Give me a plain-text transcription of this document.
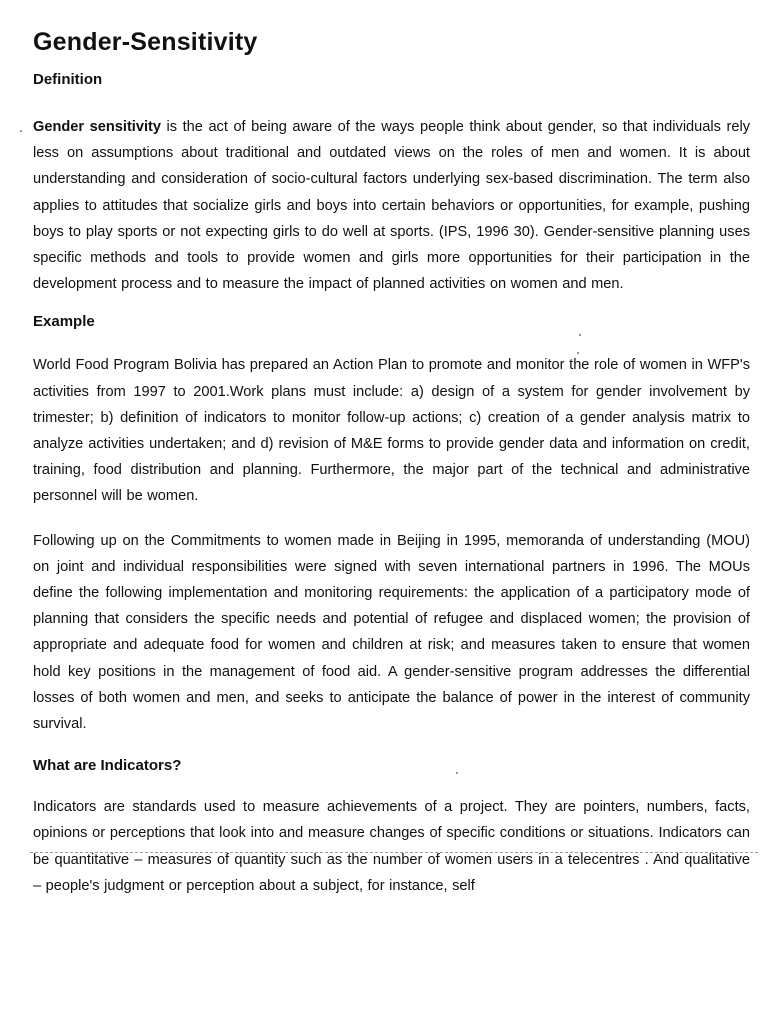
Gender-Sensitivity
Definition

Gender sensitivity is the act of being aware of the ways people think about gender, so that individuals rely less on assumptions about traditional and outdated views on the roles of men and women. It is about understanding and consideration of socio-cultural factors underlying sex-based discrimination. The term also applies to attitudes that socialize girls and boys into certain behaviors or opportunities, for example, pushing boys to play sports or not expecting girls to do well at sports. (IPS, 1996 30). Gender-sensitive planning uses specific methods and tools to provide women and girls more opportunities for their participation in the development process and to measure the impact of planned activities on women and men.

Example

World Food Program Bolivia has prepared an Action Plan to promote and monitor the role of women in WFP's activities from 1997 to 2001.Work plans must include: a) design of a system for gender involvement by trimester; b) definition of indicators to monitor follow-up actions; c) creation of a gender analysis matrix to analyze activities undertaken; and d) revision of M&E forms to provide gender data and information on credit, training, food distribution and planning. Furthermore, the major part of the technical and administrative personnel will be women.

Following up on the Commitments to women made in Beijing in 1995, memoranda of understanding (MOU) on joint and individual responsibilities were signed with seven international partners in 1996. The MOUs define the following implementation and monitoring requirements: the application of a participatory mode of planning that considers the specific needs and potential of refugee and displaced women; the provision of appropriate and adequate food for women and children at risk; and measures taken to ensure that women hold key positions in the management of food aid. A gender-sensitive program addresses the differential losses of both women and men, and seeks to anticipate the balance of power in the interest of community survival.

What are Indicators?

Indicators are standards used to measure achievements of a project. They are pointers, numbers, facts, opinions or perceptions that look into and measure changes of specific conditions or situations. Indicators can be quantitative – measures of quantity such as the number of women users in a telecentres . And qualitative – people's judgment or perception about a subject, for instance, self
